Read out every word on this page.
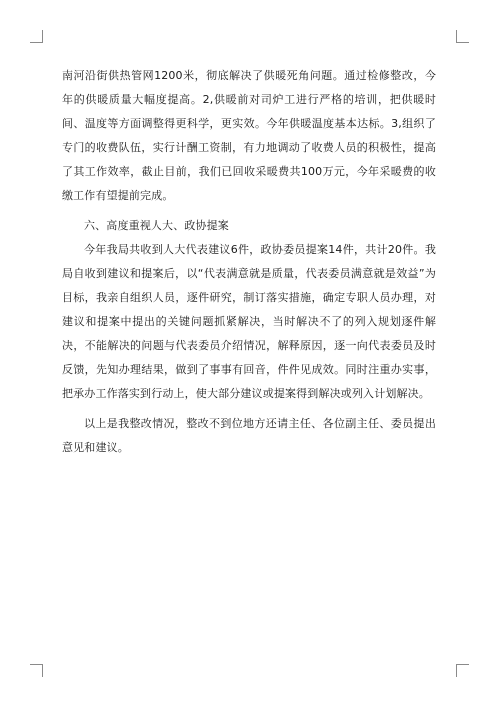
南河沿街供热管网1200米，彻底解决了供暖死角问题。通过检修整改，今年的供暖质量大幅度提高。2,供暖前对司炉工进行严格的培训，把供暖时间、温度等方面调整得更科学，更实效。今年供暖温度基本达标。3,组织了专门的收费队伍，实行计酬工资制，有力地调动了收费人员的积极性，提高了其工作效率，截止目前，我们已回收采暖费共100万元，今年采暖费的收缴工作有望提前完成。

六、高度重视人大、政协提案

今年我局共收到人大代表建议6件，政协委员提案14件，共计20件。我局自收到建议和提案后，以“代表满意就是质量，代表委员满意就是效益”为目标，我亲自组织人员，逐件研究，制订落实措施，确定专职人员办理，对建议和提案中提出的关键问题抓紧解决，当时解决不了的列入规划逐件解决，不能解决的问题与代表委员介绍情况，解释原因，逐一向代表委员及时反馈，先知办理结果，做到了事事有回音，件件见成效。同时注重办实事，把承办工作落实到行动上，使大部分建议或提案得到解决或列入计划解决。

以上是我整改情况，整改不到位地方还请主任、各位副主任、委员提出意见和建议。
